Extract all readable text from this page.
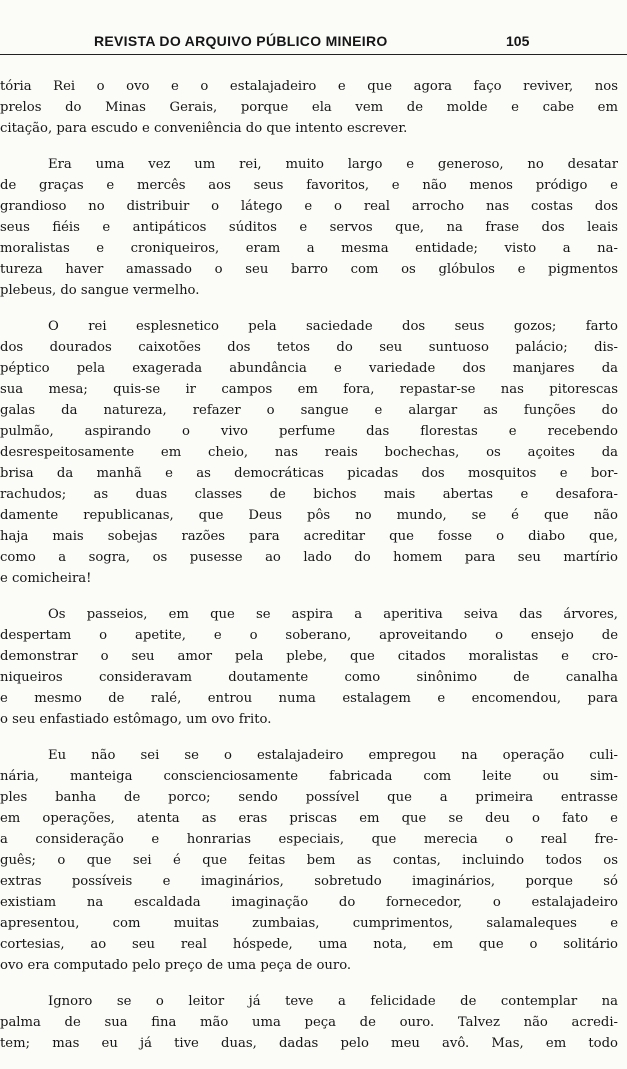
REVISTA DO ARQUIVO PÚBLICO MINEIRO	105
tória Rei o ovo e o estalajadeiro e que agora faço reviver, nos
prelos do Minas Gerais, porque ela vem de molde e cabe em
citação, para escudo e conveniência do que intento escrever.
Era uma vez um rei, muito largo e generoso, no desatar
de graças e mercês aos seus favoritos, e não menos pródigo e
grandioso no distribuir o látego e o real arrocho nas costas dos
seus fiéis e antipáticos súditos e servos que, na frase dos leais
moralistas e croniqueiros, eram a mesma entidade; visto a na-
tureza haver amassado o seu barro com os glóbulos e pigmentos
plebeus, do sangue vermelho.
O rei esplesnetico pela saciedade dos seus gozos; farto
dos dourados caixotões dos tetos do seu suntuoso palácio; dis-
péptico pela exagerada abundância e variedade dos manjares da
sua mesa; quis-se ir campos em fora, repastar-se nas pitorescas
galas da natureza, refazer o sangue e alargar as funções do
pulmão, aspirando o vivo perfume das florestas e recebendo
desrespeitosamente em cheio, nas reais bochechas, os açoites da
brisa da manhã e as democráticas picadas dos mosquitos e bor-
rachudos; as duas classes de bichos mais abertas e desafora-
damente republicanas, que Deus pôs no mundo, se é que não
haja mais sobejas razões para acreditar que fosse o diabo que,
como a sogra, os pusesse ao lado do homem para seu martírio
e comicheira!
Os passeios, em que se aspira a aperitiva seiva das árvores,
despertam o apetite, e o soberano, aproveitando o ensejo de
demonstrar o seu amor pela plebe, que citados moralistas e cro-
niqueiros consideravam doutamente como sinônimo de canalha
e mesmo de ralé, entrou numa estalagem e encomendou, para
o seu enfastiado estômago, um ovo frito.
Eu não sei se o estalajadeiro empregou na operação culi-
nária, manteiga conscienciosamente fabricada com leite ou sim-
ples banha de porco; sendo possível que a primeira entrasse
em operações, atenta as eras priscas em que se deu o fato e
a consideração e honrarias especiais, que merecia o real fre-
guês; o que sei é que feitas bem as contas, incluindo todos os
extras possíveis e imaginários, sobretudo imaginários, porque só
existiam na escaldada imaginação do fornecedor, o estalajadeiro
apresentou, com muitas zumbaias, cumprimentos, salamaleques e
cortesias, ao seu real hóspede, uma nota, em que o solitário
ovo era computado pelo preço de uma peça de ouro.
Ignoro se o leitor já teve a felicidade de contemplar na
palma de sua fina mão uma peça de ouro. Talvez não acredi-
tem; mas eu já tive duas, dadas pelo meu avô. Mas, em todo
